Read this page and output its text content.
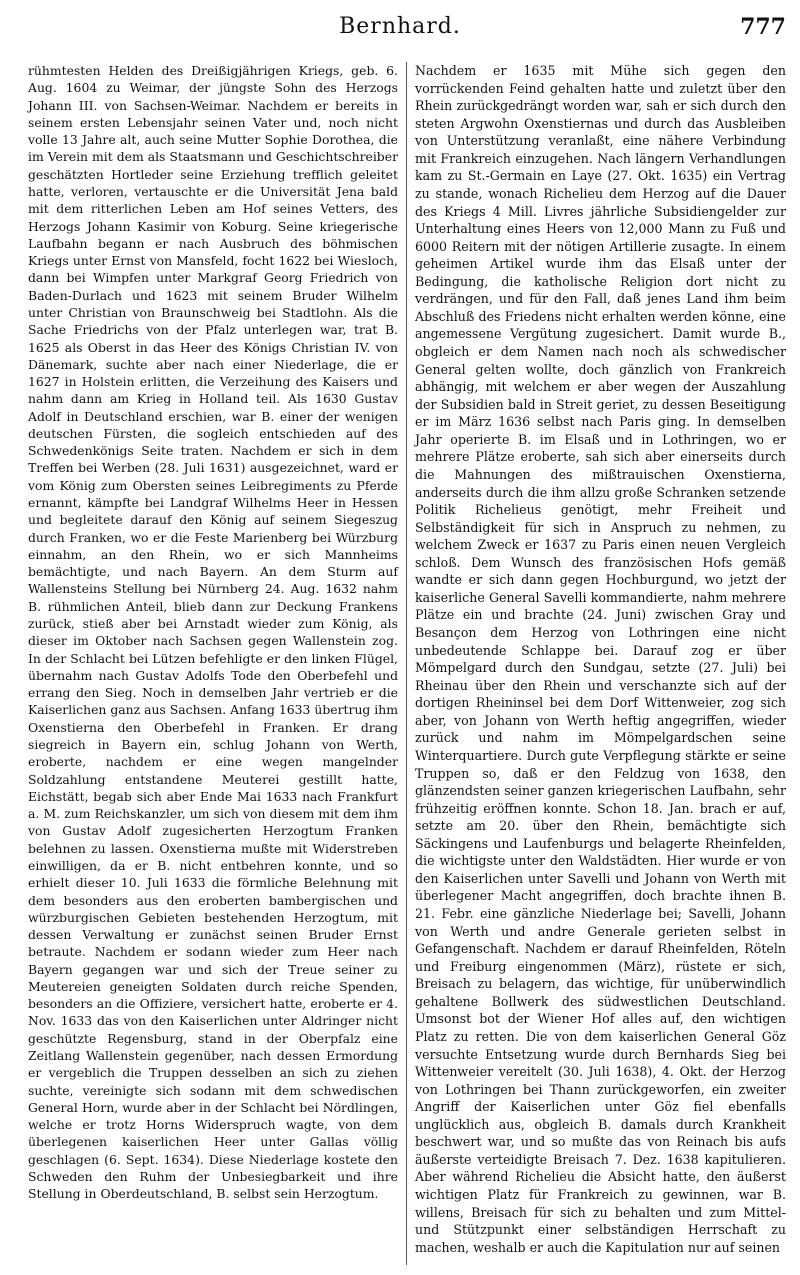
Bernhard.	777

rühmtesten Helden des Dreißigjährigen Kriegs, geb. 6. Aug. 1604 zu Weimar, der jüngste Sohn des Herzogs Johann III. von Sachsen-Weimar. Nachdem er bereits in seinem ersten Lebensjahr seinen Vater und, noch nicht volle 13 Jahre alt, auch seine Mutter Sophie Dorothea, die im Verein mit dem als Staatsmann und Geschichtschreiber geschätzten Hortleder seine Erziehung trefflich geleitet hatte, verloren, vertauschte er die Universität Jena bald mit dem ritterlichen Leben am Hof seines Vetters, des Herzogs Johann Kasimir von Koburg. Seine kriegerische Laufbahn begann er nach Ausbruch des böhmischen Kriegs unter Ernst von Mansfeld, focht 1622 bei Wiesloch, dann bei Wimpfen unter Markgraf Georg Friedrich von Baden-Durlach und 1623 mit seinem Bruder Wilhelm unter Christian von Braunschweig bei Stadtlohn. Als die Sache Friedrichs von der Pfalz unterlegen war, trat B. 1625 als Oberst in das Heer des Königs Christian IV. von Dänemark, suchte aber nach einer Niederlage, die er 1627 in Holstein erlitten, die Verzeihung des Kaisers und nahm dann am Krieg in Holland teil. Als 1630 Gustav Adolf in Deutschland erschien, war B. einer der wenigen deutschen Fürsten, die sogleich entschieden auf des Schwedenkönigs Seite traten. Nachdem er sich in dem Treffen bei Werben (28. Juli 1631) ausgezeichnet, ward er vom König zum Obersten seines Leibregiments zu Pferde ernannt, kämpfte bei Landgraf Wilhelms Heer in Hessen und begleitete darauf den König auf seinem Siegeszug durch Franken, wo er die Feste Marienberg bei Würzburg einnahm, an den Rhein, wo er sich Mannheims bemächtigte, und nach Bayern. An dem Sturm auf Wallensteins Stellung bei Nürnberg 24. Aug. 1632 nahm B. rühmlichen Anteil, blieb dann zur Deckung Frankens zurück, stieß aber bei Arnstadt wieder zum König, als dieser im Oktober nach Sachsen gegen Wallenstein zog. In der Schlacht bei Lützen befehligte er den linken Flügel, übernahm nach Gustav Adolfs Tode den Oberbefehl und errang den Sieg. Noch in demselben Jahr vertrieb er die Kaiserlichen ganz aus Sachsen. Anfang 1633 übertrug ihm Oxenstierna den Oberbefehl in Franken. Er drang siegreich in Bayern ein, schlug Johann von Werth, eroberte, nachdem er eine wegen mangelnder Soldzahlung entstandene Meuterei gestillt hatte, Eichstätt, begab sich aber Ende Mai 1633 nach Frankfurt a. M. zum Reichskanzler, um sich von diesem mit dem ihm von Gustav Adolf zugesicherten Herzogtum Franken belehnen zu lassen. Oxenstierna mußte mit Widerstreben einwilligen, da er B. nicht entbehren konnte, und so erhielt dieser 10. Juli 1633 die förmliche Belehnung mit dem besonders aus den eroberten bambergischen und würzburgischen Gebieten bestehenden Herzogtum, mit dessen Verwaltung er zunächst seinen Bruder Ernst betraute. Nachdem er sodann wieder zum Heer nach Bayern gegangen war und sich der Treue seiner zu Meutereien geneigten Soldaten durch reiche Spenden, besonders an die Offiziere, versichert hatte, eroberte er 4. Nov. 1633 das von den Kaiserlichen unter Aldringer nicht geschützte Regensburg, stand in der Oberpfalz eine Zeitlang Wallenstein gegenüber, nach dessen Ermordung er vergeblich die Truppen desselben an sich zu ziehen suchte, vereinigte sich sodann mit dem schwedischen General Horn, wurde aber in der Schlacht bei Nördlingen, welche er trotz Horns Widerspruch wagte, von dem überlegenen kaiserlichen Heer unter Gallas völlig geschlagen (6. Sept. 1634). Diese Niederlage kostete den Schweden den Ruhm der Unbesiegbarkeit und ihre Stellung in Oberdeutschland, B. selbst sein Herzogtum.

Nachdem er 1635 mit Mühe sich gegen den vorrückenden Feind gehalten hatte und zuletzt über den Rhein zurückgedrängt worden war, sah er sich durch den steten Argwohn Oxenstiernas und durch das Ausbleiben von Unterstützung veranlaßt, eine nähere Verbindung mit Frankreich einzugehen. Nach längern Verhandlungen kam zu St.-Germain en Laye (27. Okt. 1635) ein Vertrag zu stande, wonach Richelieu dem Herzog auf die Dauer des Kriegs 4 Mill. Livres jährliche Subsidiengelder zur Unterhaltung eines Heers von 12,000 Mann zu Fuß und 6000 Reitern mit der nötigen Artillerie zusagte. In einem geheimen Artikel wurde ihm das Elsaß unter der Bedingung, die katholische Religion dort nicht zu verdrängen, und für den Fall, daß jenes Land ihm beim Abschluß des Friedens nicht erhalten werden könne, eine angemessene Vergütung zugesichert. Damit wurde B., obgleich er dem Namen nach noch als schwedischer General gelten wollte, doch gänzlich von Frankreich abhängig, mit welchem er aber wegen der Auszahlung der Subsidien bald in Streit geriet, zu dessen Beseitigung er im März 1636 selbst nach Paris ging. In demselben Jahr operierte B. im Elsaß und in Lothringen, wo er mehrere Plätze eroberte, sah sich aber einerseits durch die Mahnungen des mißtrauischen Oxenstierna, anderseits durch die ihm allzu große Schranken setzende Politik Richelieus genötigt, mehr Freiheit und Selbständigkeit für sich in Anspruch zu nehmen, zu welchem Zweck er 1637 zu Paris einen neuen Vergleich schloß. Dem Wunsch des französischen Hofs gemäß wandte er sich dann gegen Hochburgund, wo jetzt der kaiserliche General Savelli kommandierte, nahm mehrere Plätze ein und brachte (24. Juni) zwischen Gray und Besançon dem Herzog von Lothringen eine nicht unbedeutende Schlappe bei. Darauf zog er über Mömpelgard durch den Sundgau, setzte (27. Juli) bei Rheinau über den Rhein und verschanzte sich auf der dortigen Rheininsel bei dem Dorf Wittenweier, zog sich aber, von Johann von Werth heftig angegriffen, wieder zurück und nahm im Mömpelgardschen seine Winterquartiere. Durch gute Verpflegung stärkte er seine Truppen so, daß er den Feldzug von 1638, den glänzendsten seiner ganzen kriegerischen Laufbahn, sehr frühzeitig eröffnen konnte. Schon 18. Jan. brach er auf, setzte am 20. über den Rhein, bemächtigte sich Säckingens und Laufenburgs und belagerte Rheinfelden, die wichtigste unter den Waldstädten. Hier wurde er von den Kaiserlichen unter Savelli und Johann von Werth mit überlegener Macht angegriffen, doch brachte ihnen B. 21. Febr. eine gänzliche Niederlage bei; Savelli, Johann von Werth und andre Generale gerieten selbst in Gefangenschaft. Nachdem er darauf Rheinfelden, Röteln und Freiburg eingenommen (März), rüstete er sich, Breisach zu belagern, das wichtige, für unüberwindlich gehaltene Bollwerk des südwestlichen Deutschland. Umsonst bot der Wiener Hof alles auf, den wichtigen Platz zu retten. Die von dem kaiserlichen General Göz versuchte Entsetzung wurde durch Bernhards Sieg bei Wittenweier vereitelt (30. Juli 1638), 4. Okt. der Herzog von Lothringen bei Thann zurückgeworfen, ein zweiter Angriff der Kaiserlichen unter Göz fiel ebenfalls unglücklich aus, obgleich B. damals durch Krankheit beschwert war, und so mußte das von Reinach bis aufs äußerste verteidigte Breisach 7. Dez. 1638 kapitulieren. Aber während Richelieu die Absicht hatte, den äußerst wichtigen Platz für Frankreich zu gewinnen, war B. willens, Breisach für sich zu behalten und zum Mittel- und Stützpunkt einer selbständigen Herrschaft zu machen, weshalb er auch die Kapitulation nur auf seinen
